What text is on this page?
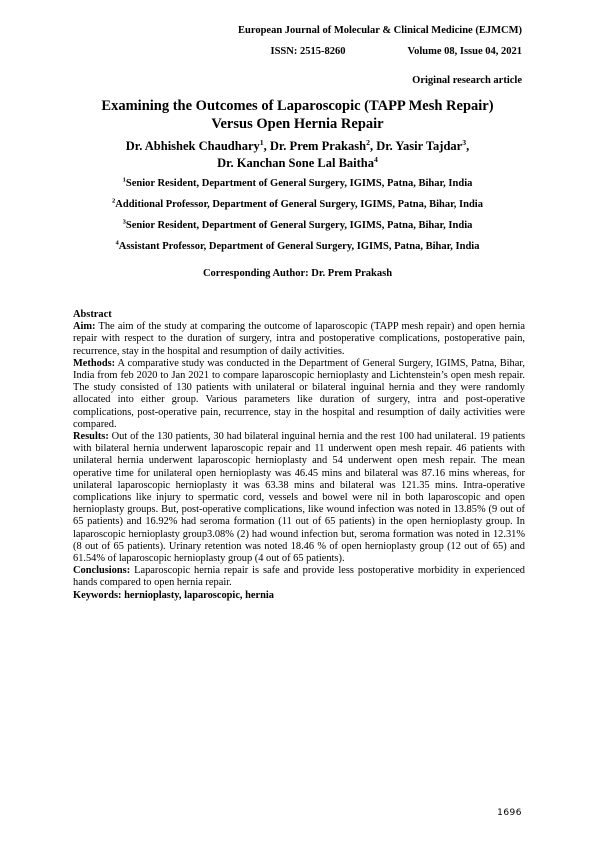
European Journal of Molecular & Clinical Medicine (EJMCM)
ISSN: 2515-8260	Volume 08, Issue 04, 2021
Original research article
Examining the Outcomes of Laparoscopic (TAPP Mesh Repair)
Versus Open Hernia Repair
Dr. Abhishek Chaudhary$^1$, Dr. Prem Prakash$^2$, Dr. Yasir Tajdar$^3$,
Dr. Kanchan Sone Lal Baitha$^4$
$^1$Senior Resident, Department of General Surgery, IGIMS, Patna, Bihar, India
$^2$Additional Professor, Department of General Surgery, IGIMS, Patna, Bihar, India
$^3$Senior Resident, Department of General Surgery, IGIMS, Patna, Bihar, India
$^4$Assistant Professor, Department of General Surgery, IGIMS, Patna, Bihar, India
Corresponding Author: Dr. Prem Prakash

Abstract

Aim: The aim of the study at comparing the outcome of laparoscopic (TAPP mesh repair) and open hernia repair with respect to the duration of surgery, intra and postoperative complications, postoperative pain, recurrence, stay in the hospital and resumption of daily activities.

Methods: A comparative study was conducted in the Department of General Surgery, IGIMS, Patna, Bihar, India from feb 2020 to Jan 2021 to compare laparoscopic hernioplasty and Lichtenstein’s open mesh repair. The study consisted of 130 patients with unilateral or bilateral inguinal hernia and they were randomly allocated into either group. Various parameters like duration of surgery, intra and post-operative complications, post-operative pain, recurrence, stay in the hospital and resumption of daily activities were compared.

Results: Out of the 130 patients, 30 had bilateral inguinal hernia and the rest 100 had unilateral. 19 patients with bilateral hernia underwent laparoscopic repair and 11 underwent open mesh repair. 46 patients with unilateral hernia underwent laparoscopic hernioplasty and 54 underwent open mesh repair. The mean operative time for unilateral open hernioplasty was 46.45 mins and bilateral was 87.16 mins whereas, for unilateral laparoscopic hernioplasty it was 63.38 mins and bilateral was 121.35 mins. Intra-operative complications like injury to spermatic cord, vessels and bowel were nil in both laparoscopic and open hernioplasty groups. But, post-operative complications, like wound infection was noted in 13.85% (9 out of 65 patients) and 16.92% had seroma formation (11 out of 65 patients) in the open hernioplasty group. In laparoscopic hernioplasty group3.08% (2) had wound infection but, seroma formation was noted in 12.31% (8 out of 65 patients). Urinary retention was noted 18.46 % of open hernioplasty group (12 out of 65) and 61.54% of laparoscopic hernioplasty group (4 out of 65 patients).

Conclusions: Laparoscopic hernia repair is safe and provide less postoperative morbidity in experienced hands compared to open hernia repair.

Keywords: hernioplasty, laparoscopic, hernia

1696
